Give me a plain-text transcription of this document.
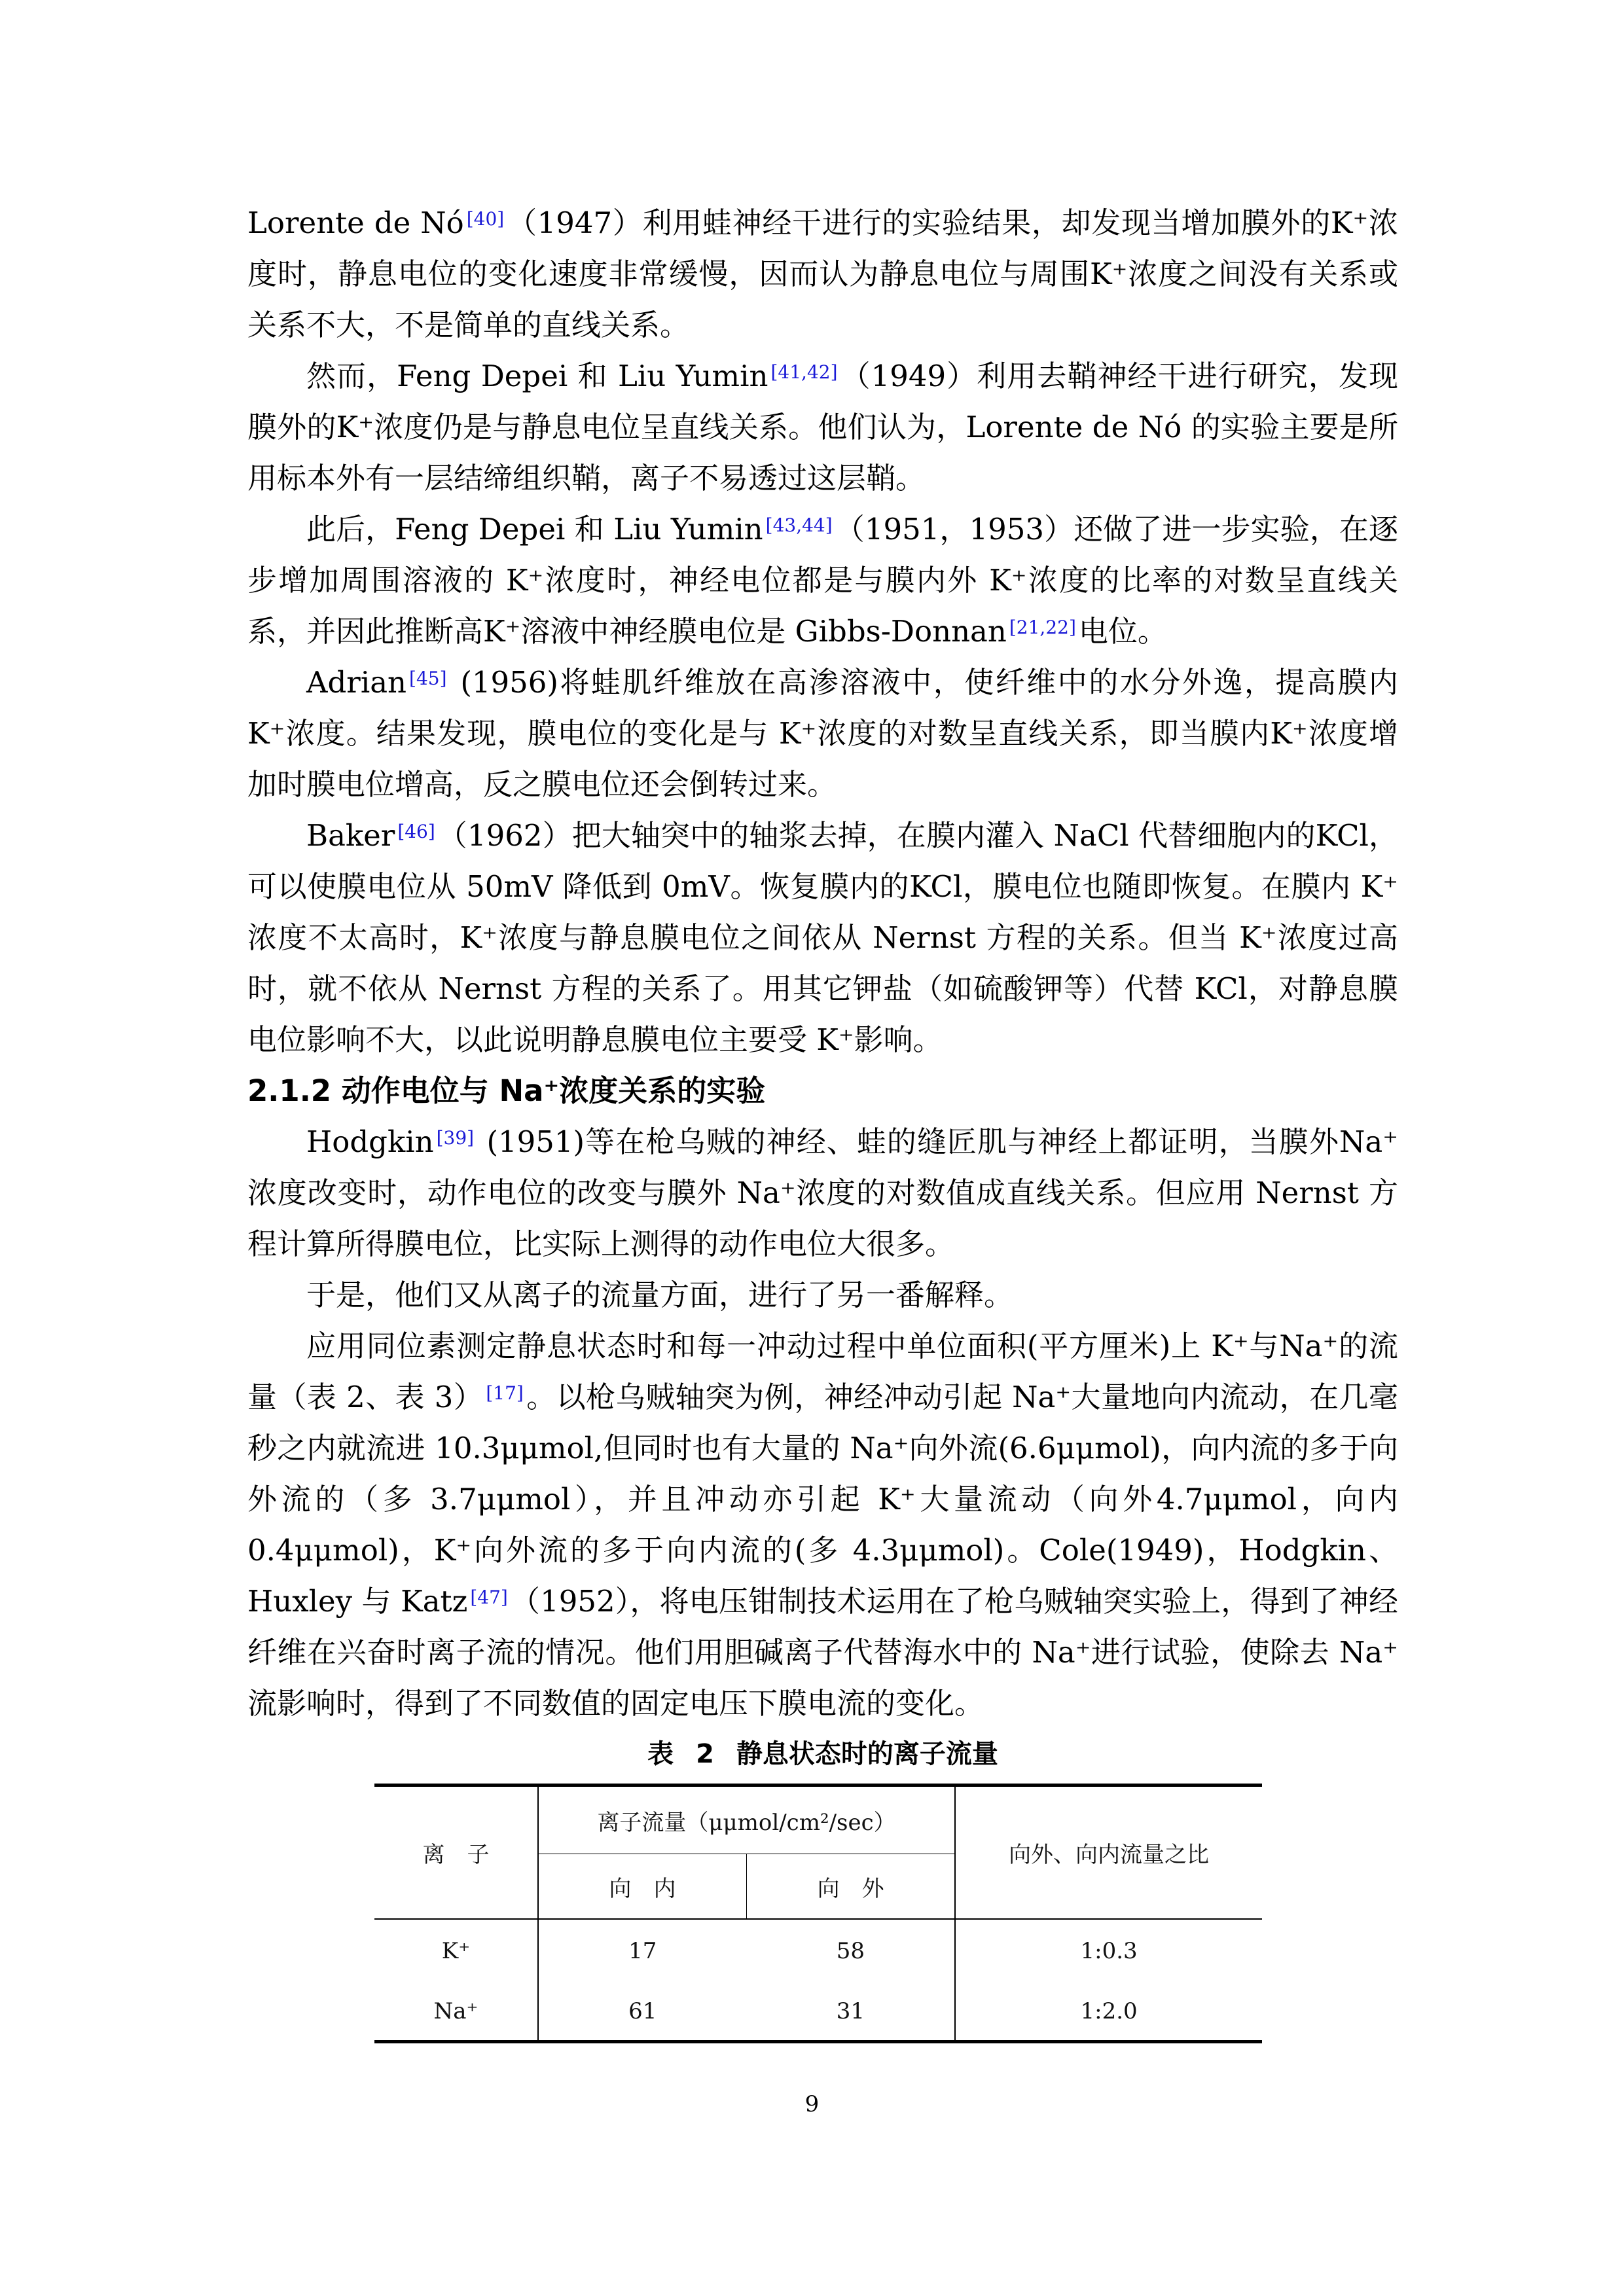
Lorente de Nó [40]（1947）利用蛙神经干进行的实验结果，却发现当增加膜外的K⁺浓度时，静息电位的变化速度非常缓慢，因而认为静息电位与周围K⁺浓度之间没有关系或关系不大，不是简单的直线关系。

然而，Feng Depei 和 Liu Yumin [41,42]（1949）利用去鞘神经干进行研究，发现膜外的K⁺浓度仍是与静息电位呈直线关系。他们认为，Lorente de Nó 的实验主要是所用标本外有一层结缔组织鞘，离子不易透过这层鞘。

此后，Feng Depei 和 Liu Yumin [43,44]（1951，1953）还做了进一步实验，在逐步增加周围溶液的 K⁺浓度时，神经电位都是与膜内外 K⁺浓度的比率的对数呈直线关系，并因此推断高K⁺溶液中神经膜电位是 Gibbs-Donnan [21,22]电位。

Adrian [45] (1956)将蛙肌纤维放在高渗溶液中，使纤维中的水分外逸，提高膜内 K⁺浓度。结果发现，膜电位的变化是与 K⁺浓度的对数呈直线关系，即当膜内K⁺浓度增加时膜电位增高，反之膜电位还会倒转过来。

Baker [46]（1962）把大轴突中的轴浆去掉，在膜内灌入 NaCl 代替细胞内的KCl，可以使膜电位从 50mV 降低到 0mV。恢复膜内的KCl，膜电位也随即恢复。在膜内 K⁺浓度不太高时，K⁺浓度与静息膜电位之间依从 Nernst 方程的关系。但当 K⁺浓度过高时，就不依从 Nernst 方程的关系了。用其它钾盐（如硫酸钾等）代替 KCl，对静息膜电位影响不大，以此说明静息膜电位主要受 K⁺影响。

2.1.2 动作电位与 Na⁺浓度关系的实验

Hodgkin [39] (1951)等在枪乌贼的神经、蛙的缝匠肌与神经上都证明，当膜外Na⁺浓度改变时，动作电位的改变与膜外 Na⁺浓度的对数值成直线关系。但应用 Nernst 方程计算所得膜电位，比实际上测得的动作电位大很多。

于是，他们又从离子的流量方面，进行了另一番解释。

应用同位素测定静息状态时和每一冲动过程中单位面积(平方厘米)上 K⁺与Na⁺的流量（表 2、表 3） [17]。以枪乌贼轴突为例，神经冲动引起 Na⁺大量地向内流动，在几毫秒之内就流进 10.3μμmol,但同时也有大量的 Na⁺向外流(6.6μμmol)，向内流的多于向外流的（多 3.7μμmol），并且冲动亦引起 K⁺大量流动（向外4.7μμmol，向内 0.4μμmol)，K⁺向外流的多于向内流的(多 4.3μμmol)。Cole(1949)，Hodgkin、Huxley 与 Katz [47]（1952），将电压钳制技术运用在了枪乌贼轴突实验上，得到了神经纤维在兴奋时离子流的情况。他们用胆碱离子代替海水中的 Na⁺进行试验，使除去 Na⁺流影响时，得到了不同数值的固定电压下膜电流的变化。

表 2 静息状态时的离子流量
离　子	离子流量（μμmol/cm²/sec）		向外、向内流量之比
	向　内	向　外	
K⁺	17	58	1:0.3
Na⁺	61	31	1:2.0
9
